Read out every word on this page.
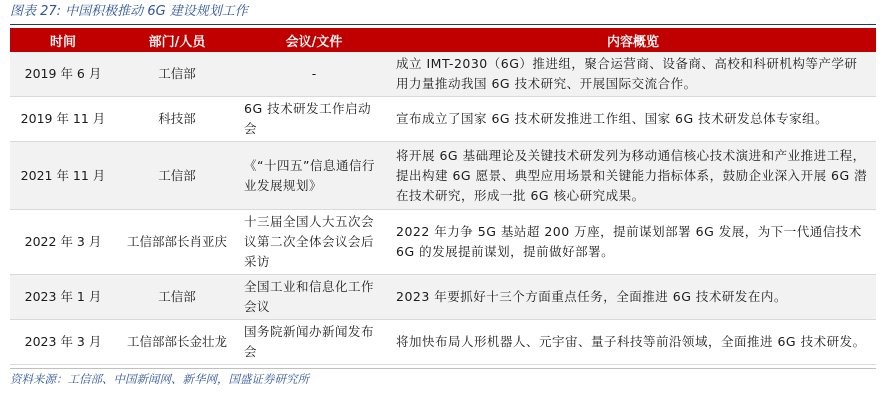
图表 27: 中国积极推动 6G 建设规划工作
时间	部门/人员	会议/文件	内容概览
2019 年 6 月	工信部	-	成立 IMT-2030（6G）推进组，聚合运营商、设备商、高校和科研机构等产学研用力量推动我国 6G 技术研究、开展国际交流合作。
2019 年 11 月	科技部	6G 技术研发工作启动会	宣布成立了国家 6G 技术研发推进工作组、国家 6G 技术研发总体专家组。
2021 年 11 月	工信部	《“十四五”信息通信行业发展规划》	将开展 6G 基础理论及关键技术研发列为移动通信核心技术演进和产业推进工程，提出构建 6G 愿景、典型应用场景和关键能力指标体系，鼓励企业深入开展 6G 潜在技术研究，形成一批 6G 核心研究成果。
2022 年 3 月	工信部部长肖亚庆	十三届全国人大五次会议第二次全体会议会后采访	2022 年力争 5G 基站超 200 万座，提前谋划部署 6G 发展，为下一代通信技术 6G 的发展提前谋划，提前做好部署。
2023 年 1 月	工信部	全国工业和信息化工作会议	2023 年要抓好十三个方面重点任务，全面推进 6G 技术研发在内。
2023 年 3 月	工信部部长金壮龙	国务院新闻办新闻发布会	将加快布局人形机器人、元宇宙、量子科技等前沿领域，全面推进 6G 技术研发。
资料来源：工信部、中国新闻网、新华网，国盛证券研究所
